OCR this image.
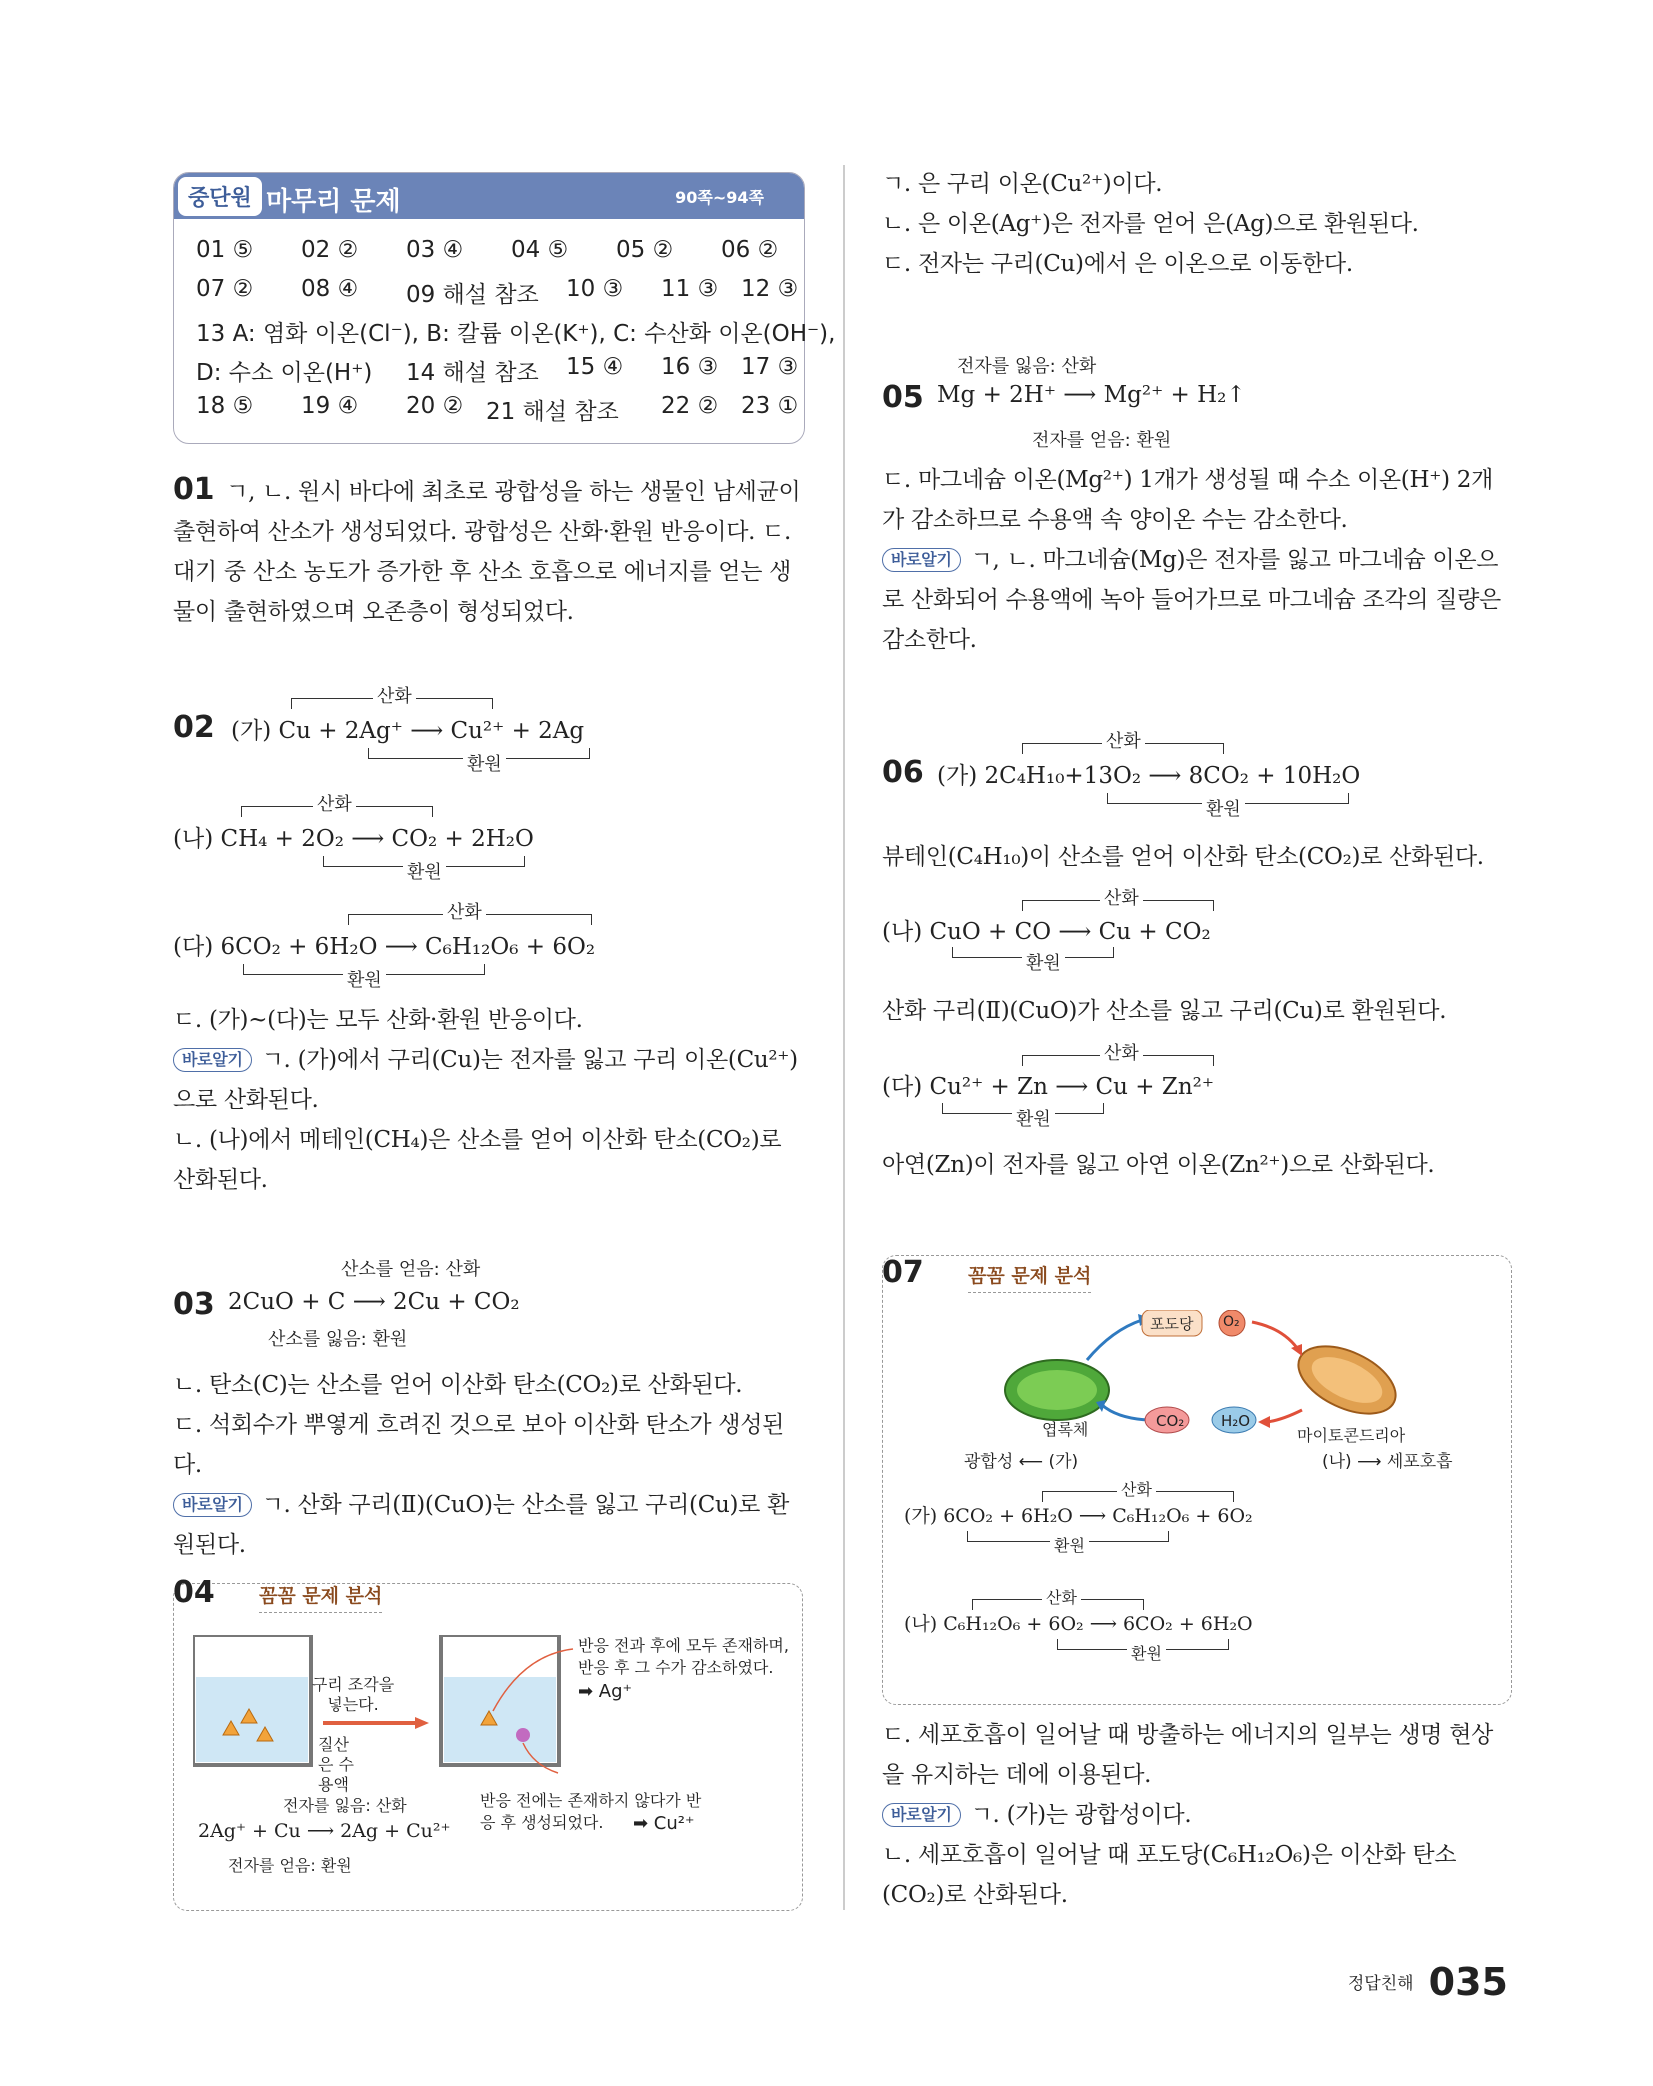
중단원 마무리 문제	90쪽~94쪽
01 ⑤ 02 ② 03 ④ 04 ⑤ 05 ② 06 ②
07 ② 08 ④ 09 해설 참조 10 ③ 11 ③ 12 ③
13 A: 염화 이온(Cl⁻), B: 칼륨 이온(K⁺), C: 수산화 이온(OH⁻),
D: 수소 이온(H⁺) 14 해설 참조 15 ④ 16 ③ 17 ③
18 ⑤ 19 ④ 20 ② 21 해설 참조 22 ② 23 ①

01 ㄱ, ㄴ. 원시 바다에 최초로 광합성을 하는 생물인 남세균이 출현하여 산소가 생성되었다. 광합성은 산화·환원 반응이다. ㄷ. 대기 중 산소 농도가 증가한 후 산소 호흡으로 에너지를 얻는 생물이 출현하였으며 오존층이 형성되었다.

02
산화
(가) Cu + 2Ag⁺ ⟶ Cu²⁺ + 2Ag
환원
산화
(나) CH₄ + 2O₂ ⟶ CO₂ + 2H₂O
환원
산화
(다) 6CO₂ + 6H₂O ⟶ C₆H₁₂O₆ + 6O₂
환원

ㄷ. (가)~(다)는 모두 산화·환원 반응이다.

바로알기 ㄱ. (가)에서 구리(Cu)는 전자를 잃고 구리 이온(Cu²⁺)으로 산화된다.

ㄴ. (나)에서 메테인(CH₄)은 산소를 얻어 이산화 탄소(CO₂)로 산화된다.

산소를 얻음: 산화
03 2CuO + C ⟶ 2Cu + CO₂
산소를 잃음: 환원

ㄴ. 탄소(C)는 산소를 얻어 이산화 탄소(CO₂)로 산화된다.

ㄷ. 석회수가 뿌옇게 흐려진 것으로 보아 이산화 탄소가 생성된다.

바로알기 ㄱ. 산화 구리(Ⅱ)(CuO)는 산소를 잃고 구리(Cu)로 환원된다.

04 꼼꼼 문제 분석
구리 조각을 넣는다.
질산 은 수용액
반응 전과 후에 모두 존재하며, 반응 후 그 수가 감소하였다.
➡ Ag⁺
반응 전에는 존재하지 않다가 반응 후 생성되었다.	➡ Cu²⁺
전자를 잃음: 산화
2Ag⁺ + Cu ⟶ 2Ag + Cu²⁺
전자를 얻음: 환원

ㄱ. 은 구리 이온(Cu²⁺)이다.

ㄴ. 은 이온(Ag⁺)은 전자를 얻어 은(Ag)으로 환원된다.

ㄷ. 전자는 구리(Cu)에서 은 이온으로 이동한다.

전자를 잃음: 산화
05 Mg + 2H⁺ ⟶ Mg²⁺ + H₂↑
전자를 얻음: 환원

ㄷ. 마그네슘 이온(Mg²⁺) 1개가 생성될 때 수소 이온(H⁺) 2개가 감소하므로 수용액 속 양이온 수는 감소한다.

바로알기 ㄱ, ㄴ. 마그네슘(Mg)은 전자를 잃고 마그네슘 이온으로 산화되어 수용액에 녹아 들어가므로 마그네슘 조각의 질량은 감소한다.

산화
06 (가) 2C₄H₁₀+13O₂ ⟶ 8CO₂ + 10H₂O
환원

뷰테인(C₄H₁₀)이 산소를 얻어 이산화 탄소(CO₂)로 산화된다.

산화
(나) CuO + CO ⟶ Cu + CO₂
환원

산화 구리(Ⅱ)(CuO)가 산소를 잃고 구리(Cu)로 환원된다.

산화
(다) Cu²⁺ + Zn ⟶ Cu + Zn²⁺
환원

아연(Zn)이 전자를 잃고 아연 이온(Zn²⁺)으로 산화된다.

07 꼼꼼 문제 분석
포도당 O₂
CO₂ H₂O
엽록체	마이토콘드리아
광합성 ⟵ (가)	(나) ⟶ 세포호흡
산화
(가) 6CO₂ + 6H₂O ⟶ C₆H₁₂O₆ + 6O₂
환원
산화
(나) C₆H₁₂O₆ + 6O₂ ⟶ 6CO₂ + 6H₂O
환원

ㄷ. 세포호흡이 일어날 때 방출하는 에너지의 일부는 생명 현상을 유지하는 데에 이용된다.

바로알기 ㄱ. (가)는 광합성이다.

ㄴ. 세포호흡이 일어날 때 포도당(C₆H₁₂O₆)은 이산화 탄소(CO₂)로 산화된다.

정답친해 035
